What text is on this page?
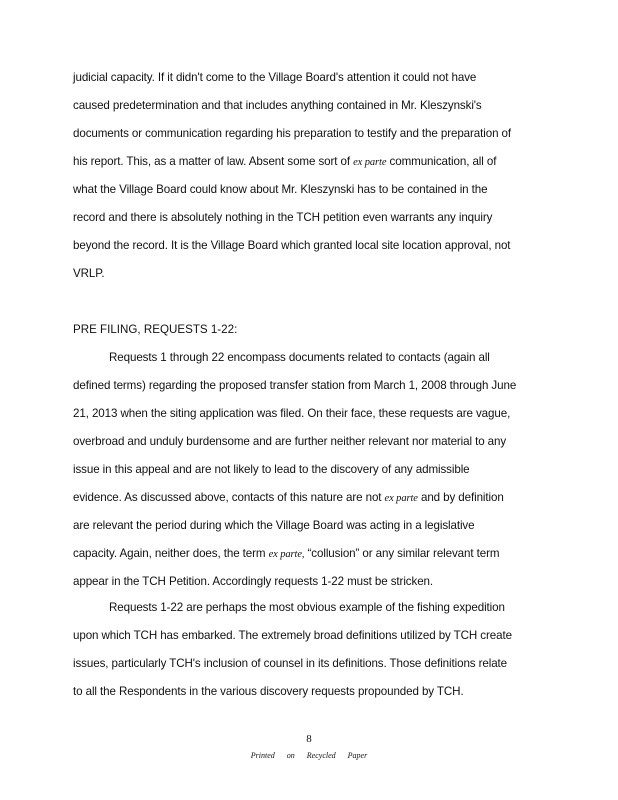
judicial capacity. If it didn't come to the Village Board's attention it could not have
caused predetermination and that includes anything contained in Mr. Kleszynski's
documents or communication regarding his preparation to testify and the preparation of
his report. This, as a matter of law. Absent some sort of ex parte communication, all of
what the Village Board could know about Mr. Kleszynski has to be contained in the
record and there is absolutely nothing in the TCH petition even warrants any inquiry
beyond the record. It is the Village Board which granted local site location approval, not
VRLP.
PRE FILING, REQUESTS 1-22:
Requests 1 through 22 encompass documents related to contacts (again all
defined terms) regarding the proposed transfer station from March 1, 2008 through June
21, 2013 when the siting application was filed. On their face, these requests are vague,
overbroad and unduly burdensome and are further neither relevant nor material to any
issue in this appeal and are not likely to lead to the discovery of any admissible
evidence. As discussed above, contacts of this nature are not ex parte and by definition
are relevant the period during which the Village Board was acting in a legislative
capacity. Again, neither does, the term ex parte, “collusion” or any similar relevant term
appear in the TCH Petition. Accordingly requests 1-22 must be stricken.
Requests 1-22 are perhaps the most obvious example of the fishing expedition
upon which TCH has embarked. The extremely broad definitions utilized by TCH create
issues, particularly TCH's inclusion of counsel in its definitions. Those definitions relate
to all the Respondents in the various discovery requests propounded by TCH.
8
Printed on Recycled Paper
